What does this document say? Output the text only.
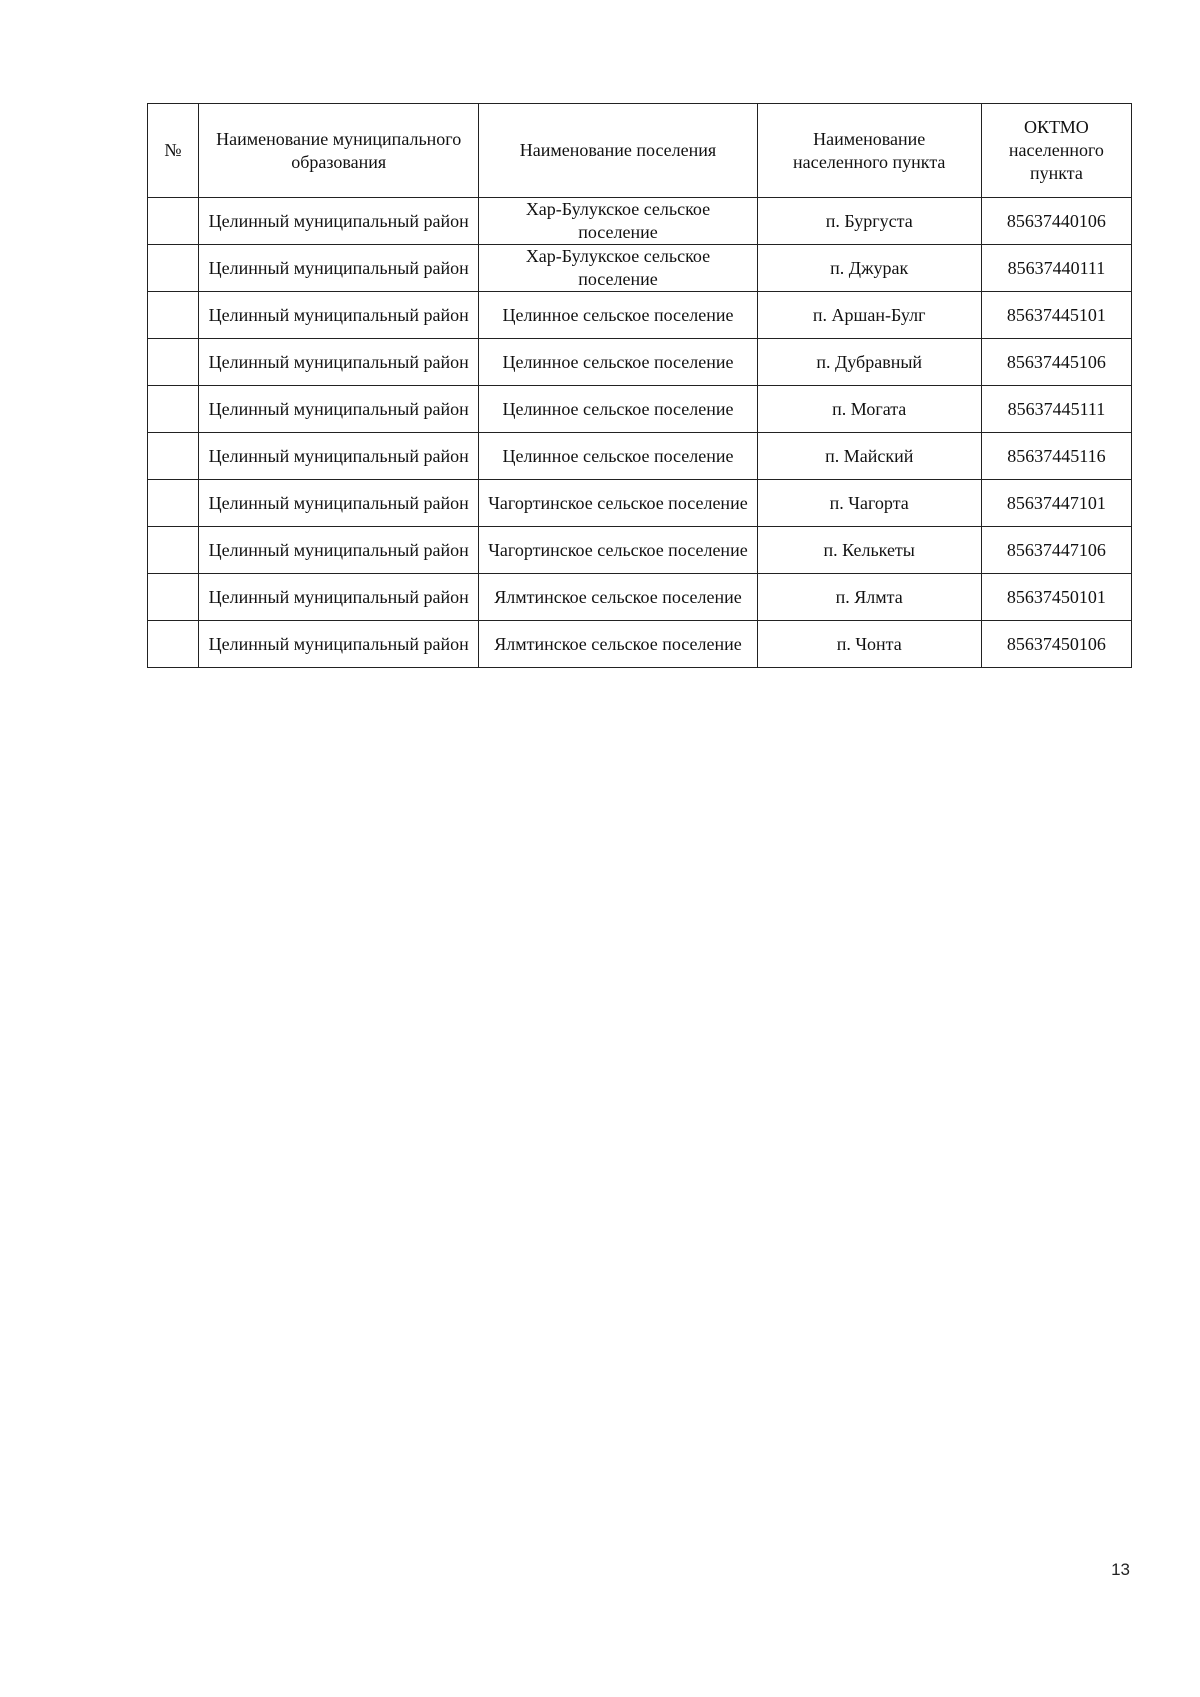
№	Наименование муниципального образования	Наименование поселения	Наименование населенного пункта	ОКТМО населенного пункта
	Целинный муниципальный район	Хар-Булукское сельское поселение	п. Бургуста	85637440106
	Целинный муниципальный район	Хар-Булукское сельское поселение	п. Джурак	85637440111
	Целинный муниципальный район	Целинное сельское поселение	п. Аршан-Булг	85637445101
	Целинный муниципальный район	Целинное сельское поселение	п. Дубравный	85637445106
	Целинный муниципальный район	Целинное сельское поселение	п. Могата	85637445111
	Целинный муниципальный район	Целинное сельское поселение	п. Майский	85637445116
	Целинный муниципальный район	Чагортинское сельское поселение	п. Чагорта	85637447101
	Целинный муниципальный район	Чагортинское сельское поселение	п. Келькеты	85637447106
	Целинный муниципальный район	Ялмтинское сельское поселение	п. Ялмта	85637450101
	Целинный муниципальный район	Ялмтинское сельское поселение	п. Чонта	85637450106
13
